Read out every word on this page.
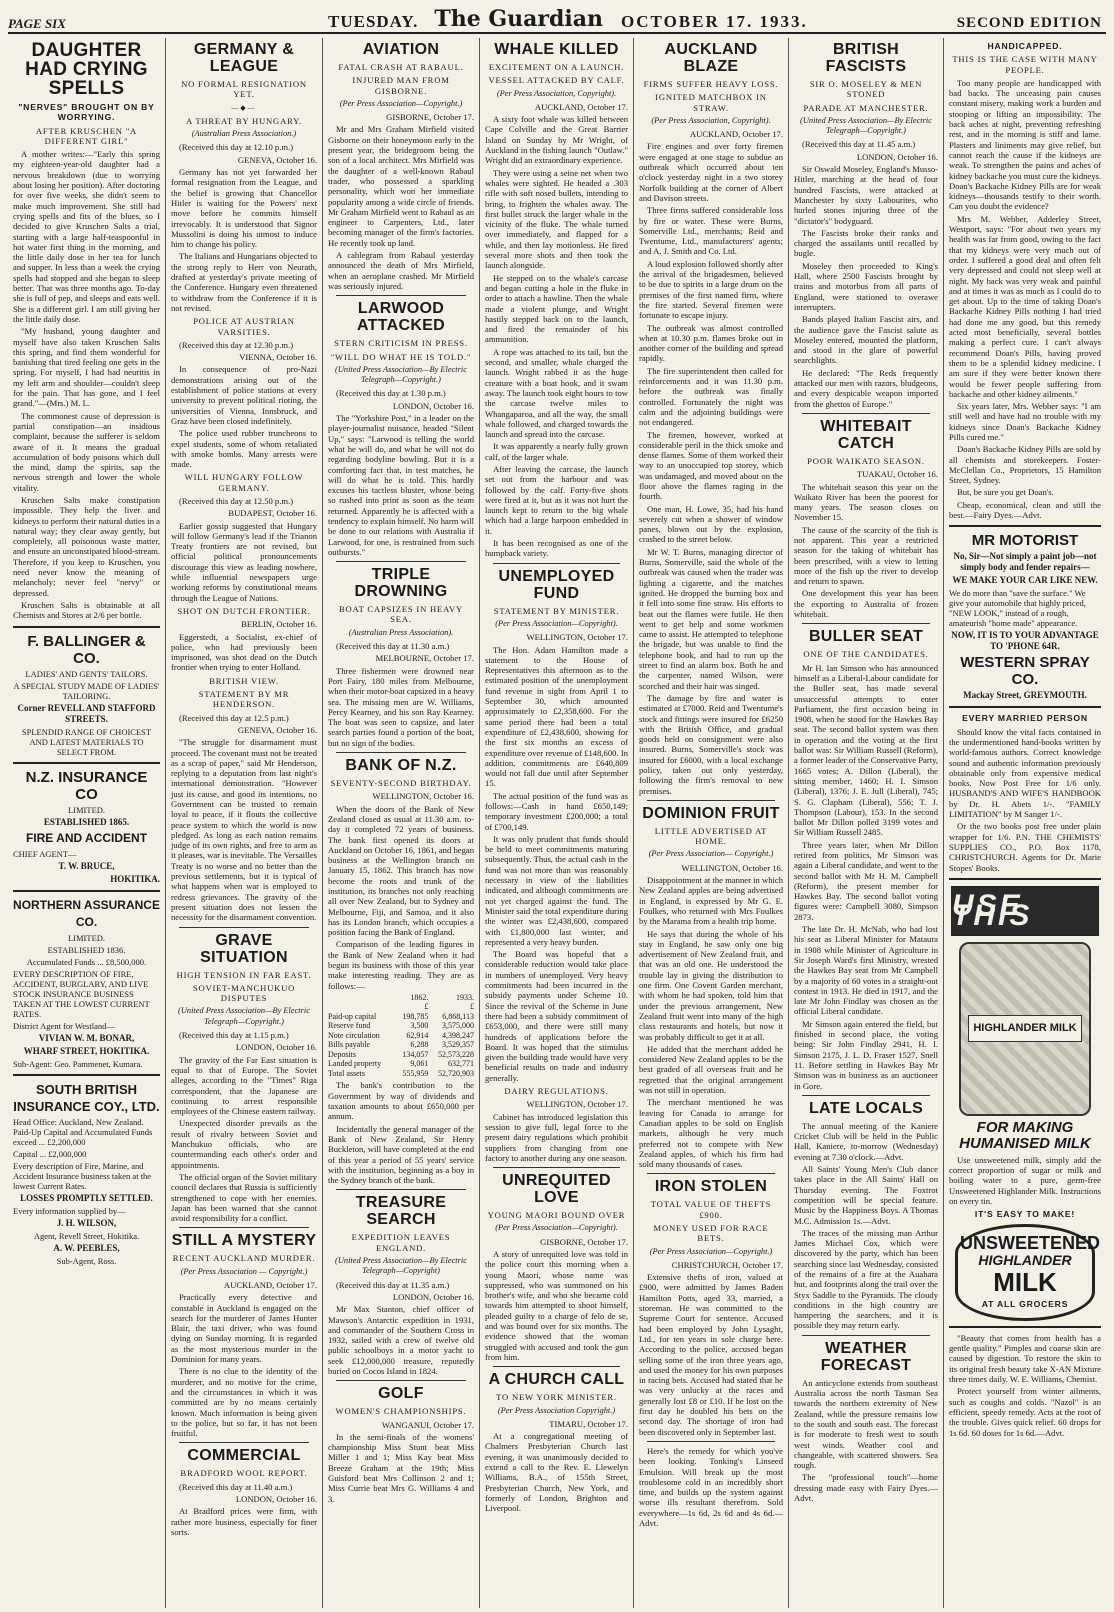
PAGE SIX	TUESDAY. The Guardian OCTOBER 17. 1933.	SECOND EDITION
DAUGHTER HAD CRYING SPELLS
"NERVES" BROUGHT ON BY WORRYING.
AFTER KRUSCHEN "A DIFFERENT GIRL"

A mother writes:—"Early this spring my eighteen-year-old daughter had a nervous breakdown (due to worrying about losing her position). After doctoring for over five weeks, she didn't seem to make much improvement. She still had crying spells and fits of the blues, so I decided to give Kruschen Salts a trial, starting with a large half-teaspoonful in hot water first thing in the morning, and the little daily dose in her tea for lunch and supper. In less than a week the crying spells had stopped and she began to sleep better. That was three months ago. To-day she is full of pep, and sleeps and eats well. She is a different girl. I am still giving her the little daily dose.

"My husband, young daughter and myself have also taken Kruschen Salts this spring, and find them wonderful for banishing that tired feeling one gets in the spring. For myself, I had had neuritis in my left arm and shoulder—couldn't sleep for the pain. That has gone, and I feel grand."—(Mrs.) M. L.

The commonest cause of depression is partial constipation—an insidious complaint, because the sufferer is seldom aware of it. It means the gradual accumulation of body poisons which dull the mind, damp the spirits, sap the nervous strength and lower the whole vitality.

Kruschen Salts make constipation impossible. They help the liver and kidneys to perform their natural duties in a natural way; they clear away gently, but completely, all poisonous waste matter, and ensure an unconstipated blood-stream. Therefore, if you keep to Kruschen, you need never know the meaning of melancholy; never feel "nervy" or depressed.

Kruschen Salts is obtainable at all Chemists and Stores at 2/6 per bottle.

F. BALLINGER & CO.
LADIES' AND GENTS' TAILORS.
A SPECIAL STUDY MADE OF LADIES' TAILORING.
Corner REVELL AND STAFFORD STREETS.
SPLENDID RANGE OF CHOICEST AND LATEST MATERIALS TO SELECT FROM.
N.Z. INSURANCE CO
LIMITED.
ESTABLISHED 1865.
FIRE AND ACCIDENT
CHIEF AGENT—
T. W. BRUCE,
HOKITIKA.
NORTHERN ASSURANCE CO.
LIMITED.
ESTABLISHED 1836.
Accumulated Funds ... £8,500,000.
EVERY DESCRIPTION OF FIRE, ACCIDENT, BURGLARY, AND LIVE STOCK INSURANCE BUSINESS TAKEN AT THE LOWEST CURRENT RATES.
District Agent for Westland—
VIVIAN W. M. BONAR,
WHARF STREET, HOKITIKA.
Sub-Agent: Geo. Pammenet, Kumara.
SOUTH BRITISH INSURANCE COY., LTD.
Head Office: Auckland, New Zealand. Paid-Up Capital and Accumulated Funds exceed ... £2,200,000
Capital ... £2,000,000
Every description of Fire, Marine, and Accident Insurance business taken at the lowest Current Rates.
LOSSES PROMPTLY SETTLED.
Every information supplied by—
J. H. WILSON,
Agent, Revell Street, Hokitika.
A. W. PEEBLES,
Sub-Agent, Ross.
GERMANY & LEAGUE
NO FORMAL RESIGNATION YET.
—◆—
A THREAT BY HUNGARY.
(Australian Press Association.)

(Received this day at 12.10 p.m.)

GENEVA, October 16.

Germany has not yet forwarded her formal resignation from the League, and the belief is growing that Chancellor Hitler is waiting for the Powers' next move before he commits himself irrevocably. It is understood that Signor Mussolini is doing his utmost to induce him to change his policy.

The Italians and Hungarians objected to the strong reply to Herr von Neurath, drafted at yesterday's private meeting of the Conference. Hungary even threatened to withdraw from the Conference if it is not revised.

POLICE AT AUSTRIAN VARSITIES.

(Received this day at 12.30 p.m.)

VIENNA, October 16.

In consequence of pro-Nazi demonstrations arising out of the establishment of police stations at every university to prevent political rioting, the universities of Vienna, Innsbruck, and Graz have been closed indefinitely.

The police used rubber truncheons to expel students, some of whom retaliated with smoke bombs. Many arrests were made.

WILL HUNGARY FOLLOW GERMANY.

(Received this day at 12.50 p.m.)

BUDAPEST, October 16.

Earlier gossip suggested that Hungary will follow Germany's lead if the Trianon Treaty frontiers are not revised, but official political pronouncements discourage this view as leading nowhere, while influential newspapers urge working reforms by constitutional means through the League of Nations.

SHOT ON DUTCH FRONTIER.
BERLIN, October 16.

Eggerstedt, a Socialist, ex-chief of police, who had previously been imprisoned, was shot dead on the Dutch frontier when trying to enter Holland.

BRITISH VIEW.
STATEMENT BY MR HENDERSON.

(Received this day at 12.5 p.m.)

GENEVA, October 16.

"The struggle for disarmament must proceed. The covenant must not be treated as a scrap of paper," said Mr Henderson, replying to a deputation from last night's international demonstration. "However just its cause, and good its intentions, no Government can be trusted to remain loyal to peace, if it flouts the collective peace system to which the world is now pledged. As long as each nation remains judge of its own rights, and free to arm as it pleases, war is inevitable. The Versailles Treaty is no worse and no better than the previous settlements, but it is typical of what happens when war is employed to redress grievances. The gravity of the present situation does not lessen the necessity for the disarmament convention.

GRAVE SITUATION
HIGH TENSION IN FAR EAST.
SOVIET-MANCHUKUO DISPUTES
(United Press Association—By Electric Telegraph—Copyright.)

(Received this day at 1.15 p.m.)

LONDON, October 16.

The gravity of the Far East situation is equal to that of Europe. The Soviet alleges, according to the "Times" Riga correspondent, that the Japanese are continuing to arrest responsible employees of the Chinese eastern railway.

Unexpected disorder prevails as the result of rivalry between Soviet and Manchukuo officials, who are countermanding each other's order and appointments.

The official organ of the Soviet military council declares that Russia is sufficiently strengthened to cope with her enemies. Japan has been warned that she cannot avoid responsibility for a conflict.

STILL A MYSTERY
RECENT AUCKLAND MURDER.
(Per Press Association — Copyright.)
AUCKLAND, October 17.

Practically every detective and constable in Auckland is engaged on the search for the murderer of James Hunter Blair, the taxi driver, who was found dying on Sunday morning. It is regarded as the most mysterious murder in the Dominion for many years.

There is no clue to the identity of the murderer, and no motive for the crime, and the circumstances in which it was committed are by no means certainly known. Much information is being given to the police, but so far, it has not been fruitful.

COMMERCIAL
BRADFORD WOOL REPORT.

(Received this day at 11.40 a.m.)

LONDON, October 16.

At Bradford prices were firm, with rather more business, especially for finer sorts.

AVIATION
FATAL CRASH AT RABAUL.
INJURED MAN FROM GISBORNE.
(Per Press Association—Copyright.)
GISBORNE, October 17.

Mr and Mrs Graham Mirfield visited Gisborne on their honeymoon early in the present year, the bridegroom being the son of a local architect. Mrs Mirfield was the daughter of a well-known Rabaul trader, who possessed a sparkling personality, which won her immediate popularity among a wide circle of friends. Mr Graham Mirfield went to Rabaul as an engineer to Carpenters, Ltd., later becoming manager of the firm's factories. He recently took up land.

A cablegram from Rabaul yesterday announced the death of Mrs Mirfield, when an aeroplane crashed. Mr Mirfield was seriously injured.

LARWOOD ATTACKED
STERN CRITICISM IN PRESS.
"WILL DO WHAT HE IS TOLD."
(United Press Association—By Electric Telegraph—Copyright.)

(Received this day at 1.30 p.m.)

LONDON, October 16.

The "Yorkshire Post," in a leader on the player-journalist nuisance, headed "Silent Up," says: "Larwood is telling the world what he will do, and what he will not do regarding bodyline bowling. But it is a comforting fact that, in test matches, he will do what he is told. This hardly excuses his tactless bluster, whose being so rushed into print as soon as the team returned. Apparently he is affected with a tendency to explain himself. No harm will be done to our relations with Australia if Larwood, for one, is restrained from such outbursts."

TRIPLE DROWNING
BOAT CAPSIZES IN HEAVY SEA.
(Australian Press Association).

(Received this day at 11.30 a.m.)

MELBOURNE, October 17.

Three fishermen were drowned near Port Fairy, 180 miles from Melbourne, when their motor-boat capsized in a heavy sea. The missing men are W. Williams, Percy Kearney, and his son Ray Kearney. The boat was seen to capsize, and later search parties found a portion of the boat, but no sign of the bodies.

BANK OF N.Z.
SEVENTY-SECOND BIRTHDAY.
WELLINGTON, October 16.

When the doors of the Bank of New Zealand closed as usual at 11.30 a.m. to-day it completed 72 years of business. The bank first opened its doors at Auckland on October 16, 1861, and began business at the Wellington branch on January 15, 1862. This branch has now become the roots and trunk of the institution, its branches not only reaching all over New Zealand, but to Sydney and Melbourne, Fiji, and Samoa, and it also has its London branch, which occupies a position facing the Bank of England.

Comparison of the leading figures in the Bank of New Zealand when it had begun its business with those of this year make interesting reading. They are as follows:—

	1862.	1933.
	£	£
Paid-up capital	198,785	6,868,113
Reserve fund	3,500	3,575,000
Note circulation	62,914	4,398,247
Bills payable	6,288	3,529,357
Deposits	134,057	52,573,228
Landed property	9,061	632,771
Total assets	555,959	52,720,903

The bank's contribution to the Government by way of dividends and taxation amounts to about £650,000 per annum.

Incidentally the general manager of the Bank of New Zealand, Sir Henry Buckleton, will have completed at the end of this year a period of 55 years' service with the institution, beginning as a boy in the Sydney branch of the bank.

TREASURE SEARCH
EXPEDITION LEAVES ENGLAND.
(United Press Association—By Electric Telegraph—Copyright)

(Received this day at 11.35 a.m.)

LONDON, October 16.

Mr Max Stanton, chief officer of Mawson's Antarctic expedition in 1931, and commander of the Southern Cross in 1932, sailed with a crew of twelve old public schoolboys in a motor yacht to seek £12,000,000 treasure, reputedly buried on Cocos Island in 1824.

GOLF
WOMEN'S CHAMPIONSHIPS.
WANGANUI, October 17.

In the semi-finals of the womens' championship Miss Stunt beat Miss Miller 1 and 1; Miss Kay beat Miss Breeze Graham at the 19th; Miss Guisford beat Mrs Collinson 2 and 1; Miss Currie beat Mrs G. Williams 4 and 3.

WHALE KILLED
EXCITEMENT ON A LAUNCH.
VESSEL ATTACKED BY CALF.
(Per Press Association, Copyright).
AUCKLAND, October 17.

A sixty foot whale was killed between Cape Colville and the Great Barrier Island on Sunday by Mr Wright, of Auckland in the fishing launch "Outlaw." Wright did an extraordinary experience.

They were using a seine net when two whales were sighted. He headed a .303 rifle with soft nosed bullets, intending to bring, to frighten the whales away. The first bullet struck the larger whale in the vicinity of the fluke. The whale turned over immediately, and flapped for a while, and then lay motionless. He fired several more shots and then took the launch alongside.

He stepped on to the whale's carcase and began cutting a hole in the fluke in order to attach a hawline. Then the whale made a violent plunge, and Wright hastily stepped back on to the launch, and fired the remainder of his ammunition.

A rope was attached to its tail, but the second, and smaller, whale charged the launch. Wright rabbed it as the huge creature with a boat hook, and it swam away. The launch took eight hours to tow the carcase twelve miles to Whangaparoa, and all the way, the small whale followed, and charged towards the launch and spread into the carcase.

It was apparently a nearly fully grown calf, of the larger whale.

After leaving the carcase, the launch set out from the harbour and was followed by the calf. Forty-five shots were fired at it, but as it was not hurt the launch kept to return to the big whale which had a large harpoon embedded in it.

It has been recognised as one of the humpback variety.

UNEMPLOYED FUND
STATEMENT BY MINISTER.
(Per Press Association—Copyright).
WELLINGTON, October 17.

The Hon. Adam Hamilton made a statement to the House of Representatives this afternoon as to the estimated position of the unemployment fund revenue in sight from April 1 to September 30, which amounted approximately to £2,358,600. For the same period there had been a total expenditure of £2,438,600, showing for the first six months an excess of expenditure over revenue of £148,600. In addition, commitments are £640,809 would not fall due until after September 15.

The actual position of the fund was as follows:—Cash in hand £650,149; temporary investment £200,000; a total of £700,149.

It was only prudent that funds should be held to meet commitments maturing subsequently. Thus, the actual cash in the fund was not more than was reasonably necessary in view of the liabilities indicated, and although commitments are not yet charged against the fund. The Minister said the total expenditure during the winter was £2,438,600, compared with £1,800,000 last winter, and represented a very heavy burden.

The Board was hopeful that a considerable reduction would take place in numbers of unemployed. Very heavy commitments had been incurred in the subsidy payments under Scheme 10. Since the revival of the Scheme in June there had been a subsidy commitment of £653,000, and there were still many hundreds of applications before the Board. It was hoped that the stimulus given the building trade would have very beneficial results on trade and industry generally.

DAIRY REGULATIONS.
WELLINGTON, October 17.

Cabinet has introduced legislation this session to give full, legal force to the present dairy regulations which prohibit suppliers from changing from one factory to another during any one season.

UNREQUITED LOVE
YOUNG MAORI BOUND OVER
(Per Press Association—Copyright).
GISBORNE, October 17.

A story of unrequited love was told in the police court this morning when a young Maori, whose name was suppressed, who was summoned on his brother's wife, and who she became cold towards him attempted to shoot himself, pleaded guilty to a charge of felo de se, and was bound over for six months. The evidence showed that the woman struggled with accused and took the gun from him.

A CHURCH CALL
TO NEW YORK MINISTER.
(Per Press Association Copyright.)
TIMARU, October 17.

At a congregational meeting of Chalmers Presbyterian Church last evening, it was unanimously decided to extend a call to the Rev. E. Llewelyn Williams, B.A., of 155th Street, Presbyterian Church, New York, and formerly of London, Brighton and Liverpool.

AUCKLAND BLAZE
FIRMS SUFFER HEAVY LOSS.
IGNITED MATCHBOX IN STRAW.
(Per Press Association, Copyright).
AUCKLAND, October 17.

Fire engines and over forty firemen were engaged at one stage to subdue an outbreak which occurred about ten o'clock yesterday night in a two storey Norfolk building at the corner of Albert and Davison streets.

Three firms suffered considerable loss by fire or water. These were Burns, Somerville Ltd., merchants; Reid and Twentume, Ltd., manufacturers' agents; and A. J. Smith and Co. Ltd.

A loud explosion followed shortly after the arrival of the brigadesmen, believed to be due to spirits in a large drum on the premises of the first named firm, where the fire started. Several firemen were fortunate to escape injury.

The outbreak was almost controlled when at 10.30 p.m. flames broke out in another corner of the building and spread rapidly.

The fire superintendent then called for reinforcements and it was 11.30 p.m. before the outbreak was finally controlled. Fortunately the night was calm and the adjoining buildings were not endangered.

The firemen, however, worked at considerable peril in the thick smoke and dense flames. Some of them worked their way to an unoccupied top storey, which was undamaged, and moved about on the floor above the flames raging in the fourth.

One man, H. Lowe, 35, had his hand severely cut when a shower of window panes, blown out by the explosion, crashed to the street below.

Mr W. T. Burns, managing director of Burns, Somerville, said the whole of the outbreak was caused when the trader was lighting a cigarette, and the matches ignited. He dropped the burning box and it fell into some fine straw. His efforts to beat out the flames were futile. He then went to get help and some workmen came to assist. He attempted to telephone the brigade, but was unable to find the telephone book, and had to run up the street to find an alarm box. Both he and the carpenter, named Wilson, were scorched and their hair was singed.

The damage by fire and water is estimated at £7000. Reid and Twentume's stock and fittings were insured for £6250 with the British Office, and gradual goods held on consignment were also insured. Burns, Somerville's stock was insured for £6000, with a local exchange policy, taken out only yesterday, following the firm's removal to new premises.

DOMINION FRUIT
LITTLE ADVERTISED AT HOME.
(Per Press Association— Copyright.)
WELLINGTON, October 16.

Disappointment at the manner in which New Zealand apples are being advertised in England, is expressed by Mr G. E. Foulkes, who returned with Mrs Foulkes by the Marama from a health trip home.

He says that during the whole of his stay in England, he saw only one big advertisement of New Zealand fruit, and that was an old one. He understood the trouble lay in giving the distribution to one firm. One Covent Garden merchant, with whom he had spoken, told him that under the previous arrangement, New Zealand fruit went into many of the high class restaurants and hotels, but now it was probably difficult to get it at all.

He added that the merchant added he considered New Zealand apples to be the best graded of all overseas fruit and he regretted that the original arrangement was not still in operation.

The merchant mentioned he was leaving for Canada to arrange for Canadian apples to be sold on English markets, although he very much preferred not to compete with New Zealand apples, of which his firm had sold many thousands of cases.

IRON STOLEN
TOTAL VALUE OF THEFTS £900.
MONEY USED FOR RACE BETS.
(Per Press Association—Copyright.)
CHRISTCHURCH, October 17.

Extensive thefts of iron, valued at £900, were admitted by James Baden Hamilton Potts, aged 33, married, a storeman. He was committed to the Supreme Court for sentence. Accused had been employed by John Lysaght, Ltd., for ten years in sole charge here. According to the police, accused began selling some of the iron three years ago, and used the money for his own purposes in racing bets. Accused had stated that he was very unlucky at the races and generally lost £8 or £10. If he lost on the first day he doubled his bets on the second day. The shortage of iron had been discovered only in September last.

Here's the remedy for which you've been looking. Tonking's Linseed Emulsion. Will break up the most troublesome cold in an incredibly short time, and builds up the system against worse ills resultant therefrom. Sold everywhere—1s 6d, 2s 6d and 4s 6d.—Advt.

BRITISH FASCISTS
SIR O. MOSELEY & MEN STONED
PARADE AT MANCHESTER.
(United Press Association—By Electric Telegraph—Copyright.)

(Received this day at 11.45 a.m.)

LONDON, October 16.

Sir Oswald Moseley, England's Musso-Hitler, marching at the head of four hundred Fascists, were attacked at Manchester by sixty Labourites, who hurled stones injuring three of the "dictator's" bodyguard.

The Fascists broke their ranks and charged the assailants until recalled by bugle.

Moseley then proceeded to King's Hall, where 2500 Fascists brought by trains and motorbus from all parts of England, were stationed to overawe interrupters.

Bands played Italian Fascist airs, and the audience gave the Fascist salute as Moseley entered, mounted the platform, and stood in the glare of powerful searchlights.

He declared: "The Reds frequently attacked our men with razors, bludgeons, and every despicable weapon imported from the ghettos of Europe."

WHITEBAIT CATCH
POOR WAIKATO SEASON.
TUAKAU, October 16.

The whitebait season this year on the Waikato River has been the poorest for many years. The season closes on November 15.

The cause of the scarcity of the fish is not apparent. This year a restricted season for the taking of whitebait has been prescribed, with a view to letting more of the fish up the river to develop and return to spawn.

One development this year has been the exporting to Australia of frozen whitebait.

BULLER SEAT
ONE OF THE CANDIDATES.

Mr H. Ian Simson who has announced himself as a Liberal-Labour candidate for the Buller seat, has made several unsuccessful attempts to enter Parliament, the first occasion being in 1908, when he stood for the Hawkes Bay seat. The second ballot system was then in operation and the voting at the first ballot was: Sir William Russell (Reform), a former leader of the Conservative Party, 1665 votes; A. Dillon (Liberal), the sitting member, 1460; H. I. Simson (Liberal), 1376; J. E. Jull (Liberal), 745; S. G. Clapham (Liberal), 556; T. J. Thompson (Labour), 153. In the second ballot Mr Dillon polled 3199 votes and Sir William Russell 2485.

Three years later, when Mr Dillon retired from politics, Mr Simson was again a Liberal candidate, and went to the second ballot with Mr H. M. Campbell (Reform), the present member for Hawkes Bay. The second ballot voting figures were: Campbell 3080, Simpson 2873.

The late Dr. H. McNab, who had lost his seat as Liberal Minister for Mataura in 1908 while Minister of Agriculture in Sir Joseph Ward's first Ministry, wrested the Hawkes Bay seat from Mr Campbell by a majority of 60 votes in a straight-out contest in 1913. He died in 1917, and the late Mr John Findlay was chosen as the official Liberal candidate.

Mr Simson again entered the field, but finished in second place, the voting being: Sir John Findlay 2941, H. I. Simson 2175, J. L. D. Fraser 1527, Snell 11. Before settling in Hawkes Bay Mr Simson was in business as an auctioneer in Gore.

LATE LOCALS

The annual meeting of the Kaniere Cricket Club will be held in the Public Hall, Kaniere, to-morrow (Wednesday) evening at 7.30 o'clock.—Advt.

All Saints' Young Men's Club dance takes place in the All Saints' Hall on Thursday evening. The Foxtrot competition will be special feature. Music by the Happiness Boys. A Thomas M.C. Admission 1s.—Advt.

The traces of the missing man Arthur James Michael Cox, which were discovered by the party, which has been searching since last Wednesday, consisted of the remains of a fire at the Auahara hut, and footprints along the trail over the Styx Saddle to the Pyramids. The cloudy conditions in the high country are hampering the searchers, and it is possible they may return early.

WEATHER FORECAST

An anticyclone extends from southeast Australia across the north Tasman Sea towards the northern extremity of New Zealand, while the pressure remains low to the south and south east. The forecast is for moderate to fresh west to south west winds. Weather cool and changeable, with scattered showers. Sea rough.

The "professional touch"—home dressing made easy with Fairy Dyes.—Advt.

HANDICAPPED.
THIS IS THE CASE WITH MANY PEOPLE.

Too many people are handicapped with bad backs. The unceasing pain causes constant misery, making work a burden and stooping or lifting an impossibility. The back aches at night, preventing refreshing rest, and in the morning is stiff and lame. Plasters and liniments may give relief, but cannot reach the cause if the kidneys are weak. To strengthen the pains and aches of kidney backache you must cure the kidneys. Doan's Backache Kidney Pills are for weak kidneys—thousands testify to their worth. Can you doubt the evidence?

Mrs M. Webber, Adderley Street, Westport, says: "For about two years my health was far from good, owing to the fact that my kidneys were very much out of order. I suffered a good deal and often felt very depressed and could not sleep well at night. My back was very weak and painful and at times it was as much as I could do to get about. Up to the time of taking Doan's Backache Kidney Pills nothing I had tried had done me any good, but this remedy acted most beneficially, several bottles making a perfect cure. I can't always recommend Doan's Pills, having proved them to be a splendid kidney medicine. I am sure if they were better known there would be fewer people suffering from backache and other kidney ailments."

Six years later, Mrs. Webber says: "I am still well and have had no trouble with my kidneys since Doan's Backache Kidney Pills cured me."

Doan's Backache Kidney Pills are sold by all chemists and storekeepers. Foster-McClellan Co., Proprietors, 15 Hamilton Street, Sydney.

But, be sure you get Doan's.

Cheap, economical, clean and still the best.—Fairy Dyes.—Advt.

MR MOTORIST
No, Sir—Not simply a paint job—not simply body and fender repairs—
WE MAKE YOUR CAR LIKE NEW.
We do more than "save the surface." We give your automobile that highly priced, "NEW LOOK," instead of a rough, amateurish "home made" appearance.
NOW, IT IS TO YOUR ADVANTAGE TO 'PHONE 64R.
WESTERN SPRAY CO.
Mackay Street, GREYMOUTH.
EVERY MARRIED PERSON

Should know the vital facts contained in the undermentioned hand-books written by world-famous authors. Correct knowledge sound and authentic information previously obtainable only from expensive medical books. Now Post Free for 1/6 only. HUSBAND'S AND WIFE'S HANDBOOK by Dr. H. Abets 1/-. "FAMILY LIMITATION" by M Sanger 1/-.

Or the two books post free under plain wrapper for 1/6. P.N. THE CHEMISTS' SUPPLIES CO., P.O. Box 1178, CHRISTCHURCH. Agents for Dr. Marie Stopes' Books.

USE THIS
HIGHLANDER MILK
FOR MAKING HUMANISED MILK

Use unsweetened milk, simply add the correct proportion of sugar or milk and boiling water to a pure, germ-free Unsweetened Highlander Milk. Instructions on every tin.

IT'S EASY TO MAKE!
UNSWEETENED
HIGHLANDER
MILK
AT ALL GROCERS

"Beauty that comes from health has a gentle quality." Pimples and coarse skin are caused by digestion. To restore the skin to its original fresh beauty take X-AN Mixture three times daily. W. E. Williams, Chemist.

Protect yourself from winter ailments, such as coughs and colds. "Nazol" is an efficient, speedy remedy. Acts at the root of the trouble. Gives quick relief. 60 drops for 1s 6d. 60 doses for 1s 6d.—Advt.
